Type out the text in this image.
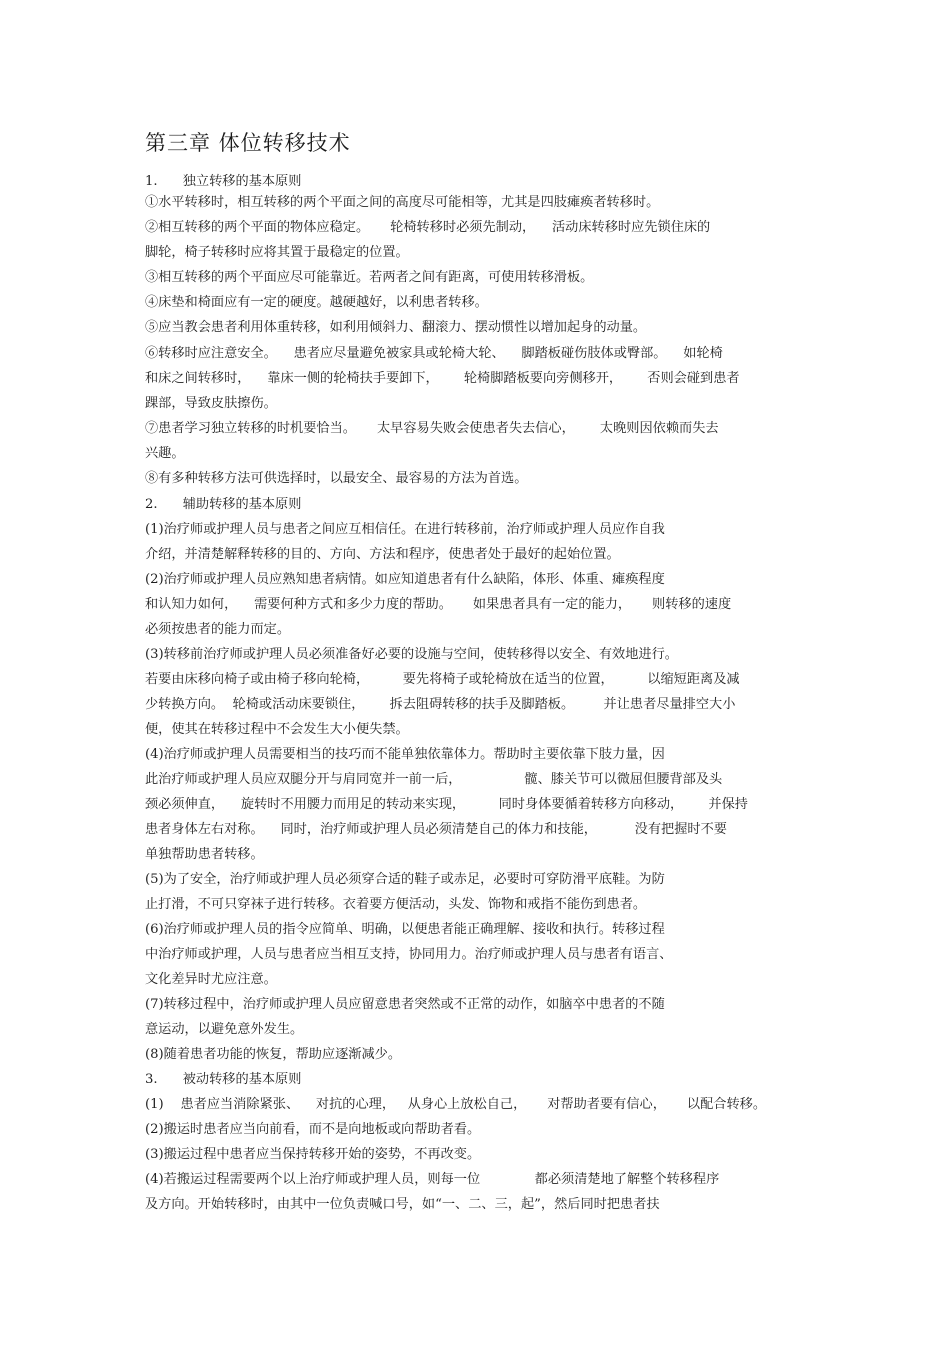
第三章 体位转移技术
1.      独立转移的基本原则
①水平转移时，相互转移的两个平面之间的高度尽可能相等，尤其是四肢瘫痪者转移时。
②相互转移的两个平面的物体应稳定。     轮椅转移时必须先制动，    活动床转移时应先锁住床的
脚轮，椅子转移时应将其置于最稳定的位置。
③相互转移的两个平面应尽可能靠近。若两者之间有距离，可使用转移滑板。
④床垫和椅面应有一定的硬度。越硬越好，以利患者转移。
⑤应当教会患者利用体重转移，如利用倾斜力、翻滚力、摆动惯性以增加起身的动量。
⑥转移时应注意安全。    患者应尽量避免被家具或轮椅大轮、    脚踏板碰伤肢体或臀部。    如轮椅
和床之间转移时，    靠床一侧的轮椅扶手要卸下，      轮椅脚踏板要向旁侧移开，      否则会碰到患者
踝部，导致皮肤擦伤。
⑦患者学习独立转移的时机要恰当。     太早容易失败会使患者失去信心，      太晚则因依赖而失去
兴趣。
⑧有多种转移方法可供选择时，以最安全、最容易的方法为首选。
2.      辅助转移的基本原则
(1)治疗师或护理人员与患者之间应互相信任。在进行转移前，治疗师或护理人员应作自我
介绍，并清楚解释转移的目的、方向、方法和程序，使患者处于最好的起始位置。
(2)治疗师或护理人员应熟知患者病情。如应知道患者有什么缺陷，体形、体重、瘫痪程度
和认知力如何，    需要何种方式和多少力度的帮助。     如果患者具有一定的能力，     则转移的速度
必须按患者的能力而定。
(3)转移前治疗师或护理人员必须准备好必要的设施与空间，使转移得以安全、有效地进行。
若要由床移向椅子或由椅子移向轮椅，        要先将椅子或轮椅放在适当的位置，        以缩短距离及减
少转换方向。  轮椅或活动床要锁住，      拆去阻碍转移的扶手及脚踏板。       并让患者尽量排空大小
便，使其在转移过程中不会发生大小便失禁。
(4)治疗师或护理人员需要相当的技巧而不能单独依靠体力。帮助时主要依靠下肢力量，因
此治疗师或护理人员应双腿分开与肩同宽并一前一后，               髋、膝关节可以微屈但腰背部及头
颈必须伸直，    旋转时不用腰力而用足的转动来实现，        同时身体要循着转移方向移动，      并保持
患者身体左右对称。    同时，治疗师或护理人员必须清楚自己的体力和技能，         没有把握时不要
单独帮助患者转移。
(5)为了安全，治疗师或护理人员必须穿合适的鞋子或赤足，必要时可穿防滑平底鞋。为防
止打滑，不可只穿袜子进行转移。衣着要方便活动，头发、饰物和戒指不能伤到患者。
(6)治疗师或护理人员的指令应简单、明确，以便患者能正确理解、接收和执行。转移过程
中治疗师或护理，人员与患者应当相互支持，协同用力。治疗师或护理人员与患者有语言、
文化差异时尤应注意。
(7)转移过程中，治疗师或护理人员应留意患者突然或不正常的动作，如脑卒中患者的不随
意运动，以避免意外发生。
(8)随着患者功能的恢复，帮助应逐渐减少。
3.      被动转移的基本原则
(1)    患者应当消除紧张、    对抗的心理，   从身心上放松自己，     对帮助者要有信心，     以配合转移。
(2)搬运时患者应当向前看，而不是向地板或向帮助者看。
(3)搬运过程中患者应当保持转移开始的姿势，不再改变。
(4)若搬运过程需要两个以上治疗师或护理人员，则每一位             都必须清楚地了解整个转移程序
及方向。开始转移时，由其中一位负责喊口号，如“一、二、三，起”，然后同时把患者扶
